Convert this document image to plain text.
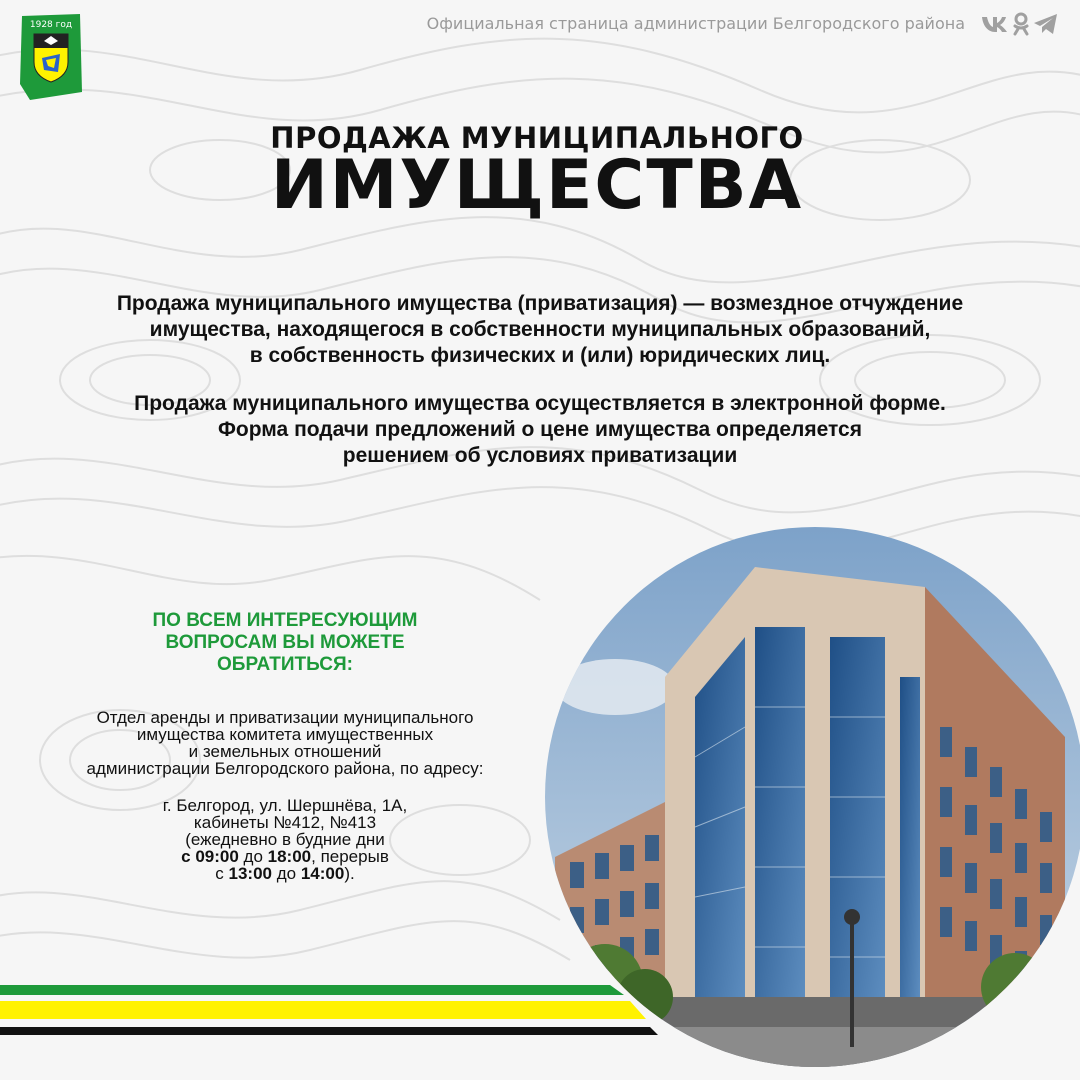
1928 год	Официальная страница администрации Белгородского района
ПРОДАЖА МУНИЦИПАЛЬНОГО
ИМУЩЕСТВА
Продажа муниципального имущества (приватизация) — возмездное отчуждение
имущества, находящегося в собственности муниципальных образований,
в собственность физических и (или) юридических лиц.
Продажа муниципального имущества осуществляется в электронной форме.
Форма подачи предложений о цене имущества определяется
решением об условиях приватизации
ПО ВСЕМ ИНТЕРЕСУЮЩИМ
ВОПРОСАМ ВЫ МОЖЕТЕ
ОБРАТИТЬСЯ:
Отдел аренды и приватизации муниципального
имущества комитета имущественных
и земельных отношений
администрации Белгородского района, по адресу:
г. Белгород, ул. Шершнёва, 1А,
кабинеты №412, №413
(ежедневно в будние дни
с 09:00 до 18:00, перерыв
с 13:00 до 14:00).
